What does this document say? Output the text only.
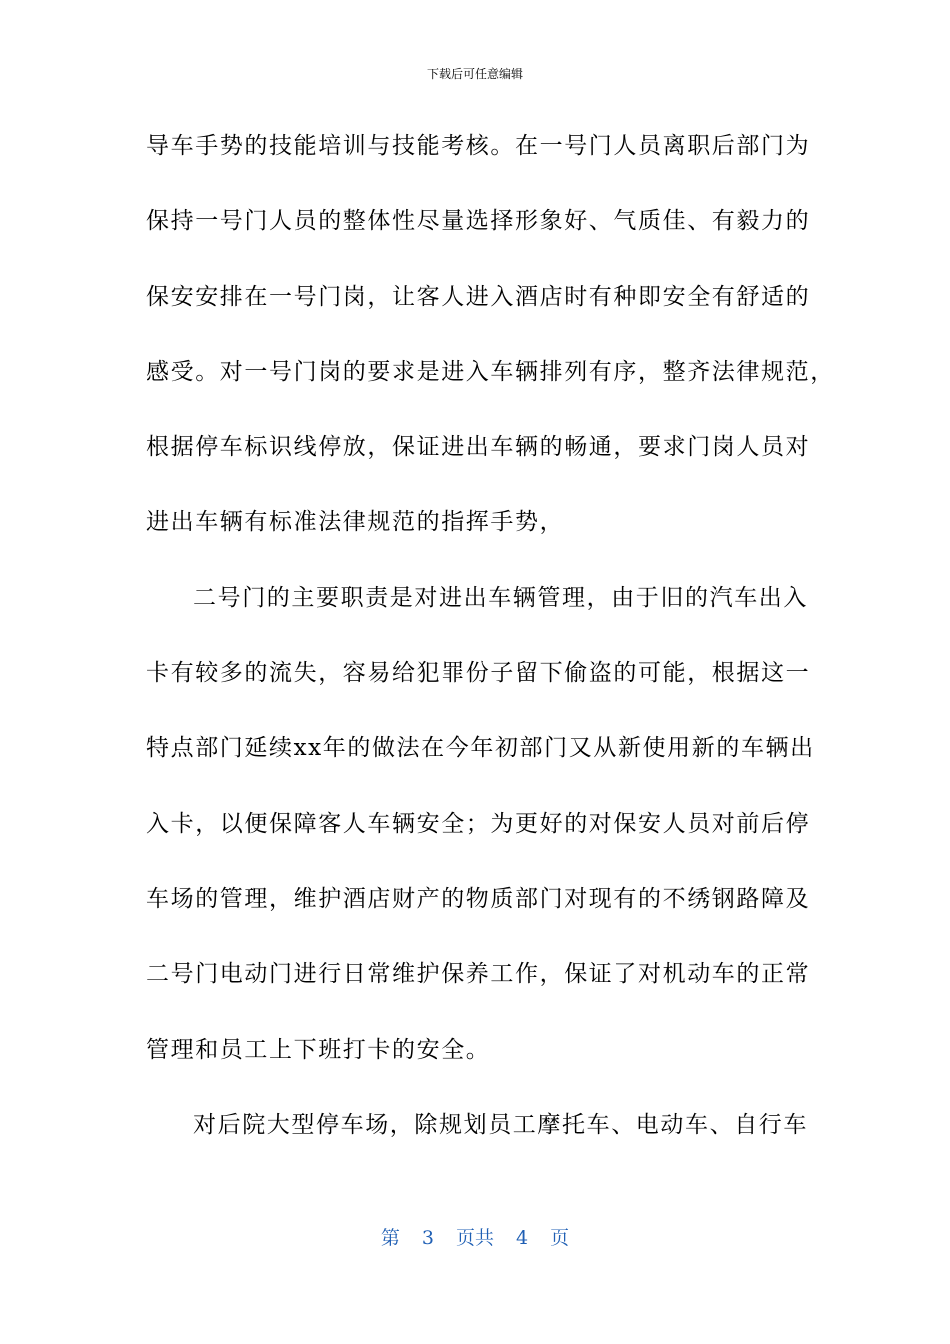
下载后可任意编辑
导车手势的技能培训与技能考核。在一号门人员离职后部门为
保持一号门人员的整体性尽量选择形象好、气质佳、有毅力的
保安安排在一号门岗，让客人进入酒店时有种即安全有舒适的
感受。对一号门岗的要求是进入车辆排列有序，整齐法律规范，
根据停车标识线停放，保证进出车辆的畅通，要求门岗人员对
进出车辆有标准法律规范的指挥手势，
二号门的主要职责是对进出车辆管理，由于旧的汽车出入
卡有较多的流失，容易给犯罪份子留下偷盗的可能，根据这一
特点部门延续xx年的做法在今年初部门又从新使用新的车辆出
入卡，以便保障客人车辆安全；为更好的对保安人员对前后停
车场的管理，维护酒店财产的物质部门对现有的不绣钢路障及
二号门电动门进行日常维护保养工作，保证了对机动车的正常
管理和员工上下班打卡的安全。
对后院大型停车场，除规划员工摩托车、电动车、自行车
第 3 页共 4 页
